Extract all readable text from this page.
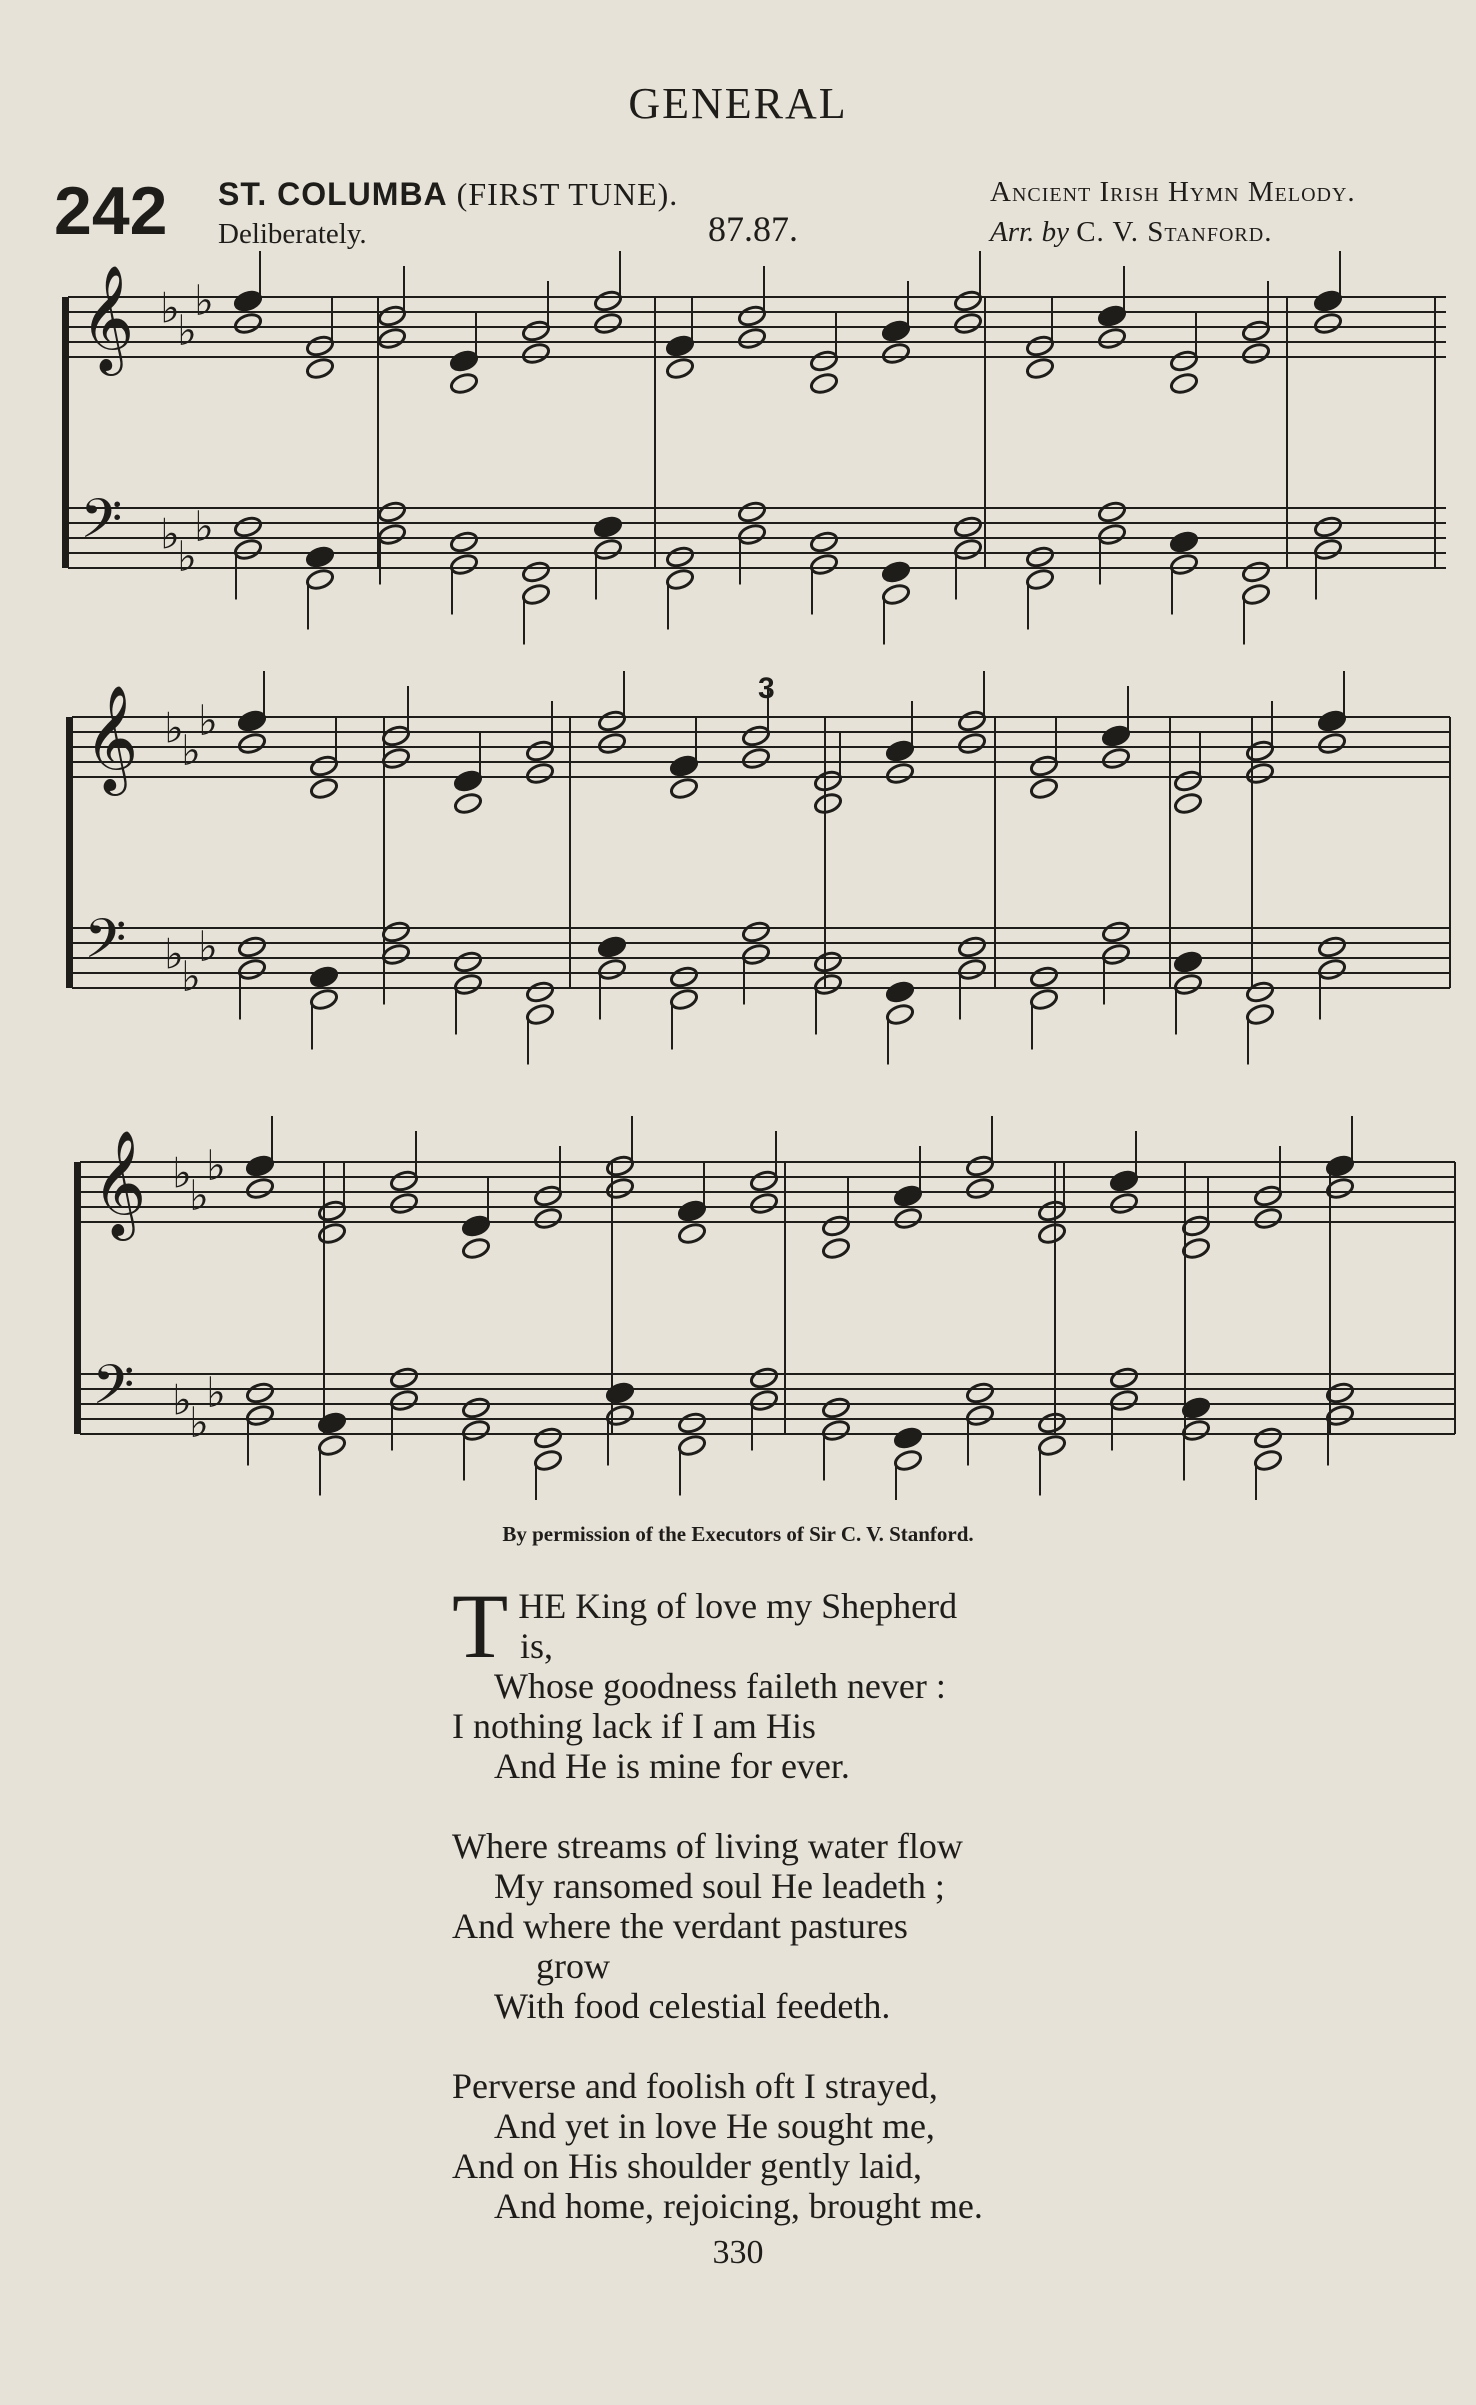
GENERAL
242 ST. COLUMBA (FIRST TUNE).
Deliberately.	87.87.
Ancient Irish Hymn Melody.
Arr. by C. V. Stanford.
𝄞
𝄢
♭
♭
♭
♭
♭
♭
𝄞
𝄢
♭
♭
♭
♭
♭
♭
𝄞
𝄢
♭
♭
♭
♭
♭
♭
3
By permission of the Executors of Sir C. V. Stanford.
T HE King of love my Shepherd
is,
Whose goodness faileth never :
I nothing lack if I am His
And He is mine for ever.
Where streams of living water flow
My ransomed soul He leadeth ;
And where the verdant pastures
grow
With food celestial feedeth.
Perverse and foolish oft I strayed,
And yet in love He sought me,
And on His shoulder gently laid,
And home, rejoicing, brought me.
330
